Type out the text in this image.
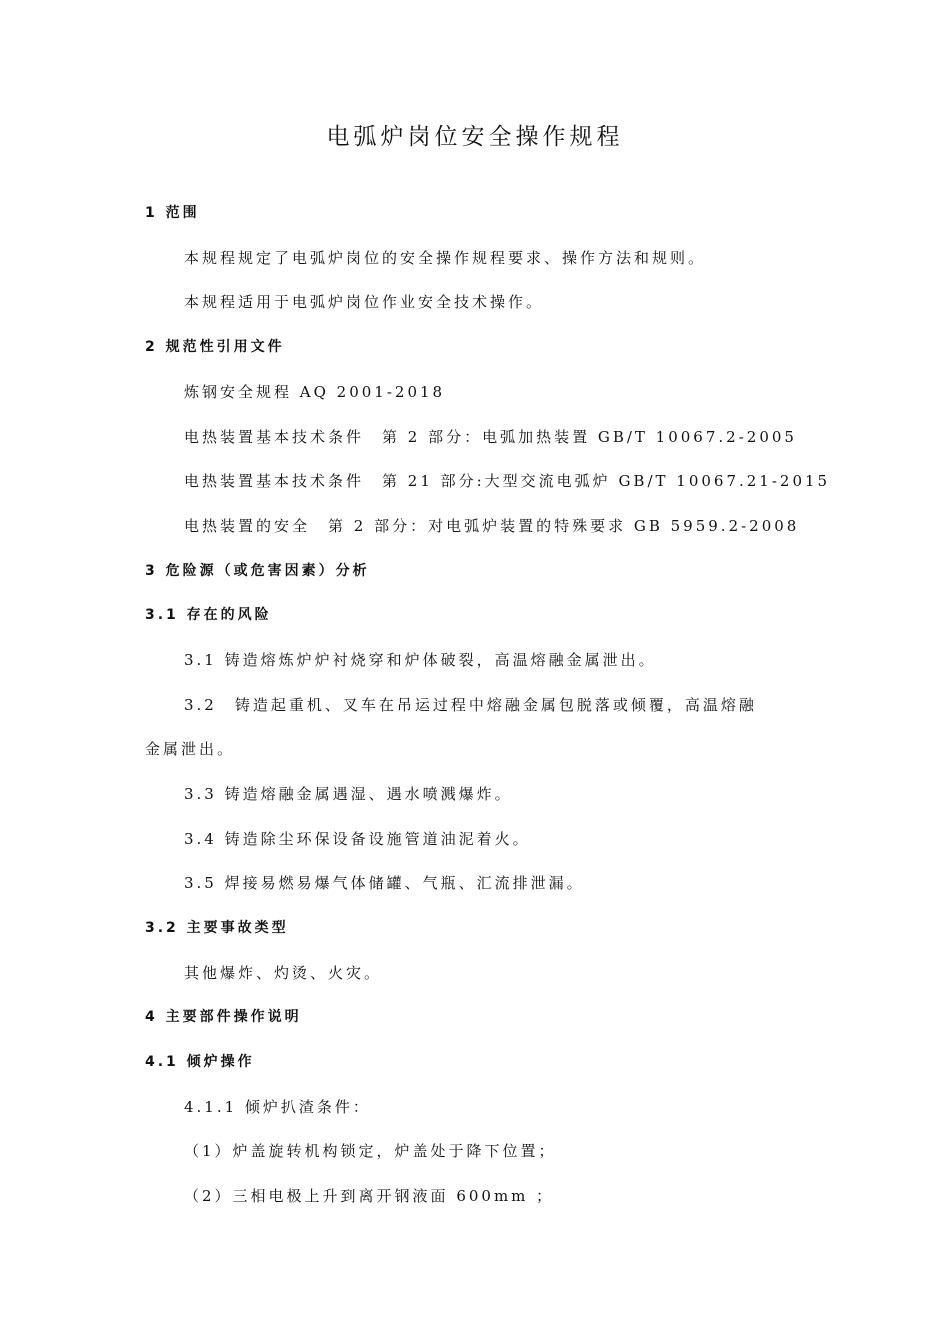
电弧炉岗位安全操作规程
1 范围
本规程规定了电弧炉岗位的安全操作规程要求、操作方法和规则。
本规程适用于电弧炉岗位作业安全技术操作。
2 规范性引用文件
炼钢安全规程 AQ 2001-2018
电热装置基本技术条件　第 2 部分：电弧加热装置 GB/T 10067.2-2005
电热装置基本技术条件　第 21 部分:大型交流电弧炉 GB/T 10067.21-2015
电热装置的安全　第 2 部分：对电弧炉装置的特殊要求 GB 5959.2-2008
3 危险源（或危害因素）分析
3.1 存在的风险
3.1 铸造熔炼炉炉衬烧穿和炉体破裂，高温熔融金属泄出。
3.2　铸造起重机、叉车在吊运过程中熔融金属包脱落或倾覆，高温熔融
金属泄出。
3.3 铸造熔融金属遇湿、遇水喷溅爆炸。
3.4 铸造除尘环保设备设施管道油泥着火。
3.5 焊接易燃易爆气体储罐、气瓶、汇流排泄漏。
3.2 主要事故类型
其他爆炸、灼烫、火灾。
4 主要部件操作说明
4.1 倾炉操作
4.1.1 倾炉扒渣条件：
（1）炉盖旋转机构锁定，炉盖处于降下位置；
（2）三相电极上升到离开钢液面 600mm ；
